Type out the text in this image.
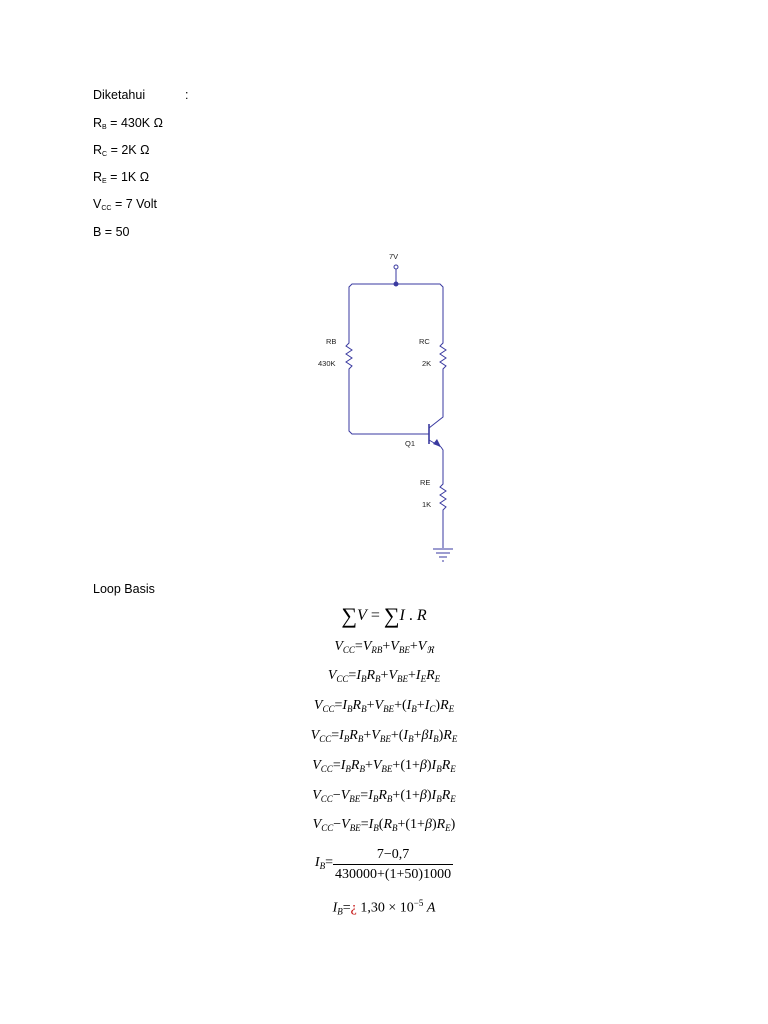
Diketahui	:
$R_B = 430K$ Ω
$R_C = 2K$ Ω
$R_E = 1K$ Ω
$V_{CC} = 7$ Volt
B = 50
7V
RB
430K
RC
2K
Q1
RE
1K
Loop Basis
∑V = ∑I . R
$V_{CC}=V_{RB}+V_{BE}+V_ℜ$
$V_{CC}=I_BR_B+V_{BE}+I_ER_E$
$V_{CC}=I_BR_B+V_{BE}+(I_B+I_C)R_E$
$V_{CC}=I_BR_B+V_{BE}+(I_B+\beta I_B)R_E$
$V_{CC}=I_BR_B+V_{BE}+(1+\beta)I_BR_E$
$V_{CC}-V_{BE}=I_BR_B+(1+\beta)I_BR_E$
$V_{CC}-V_{BE}=I_B(R_B+(1+\beta)R_E)$
$I_B= \frac{7-0,7}{430000+(1+50)1000}$
$I_B=¿$ $1,30 \times 10^{-5}$ A
